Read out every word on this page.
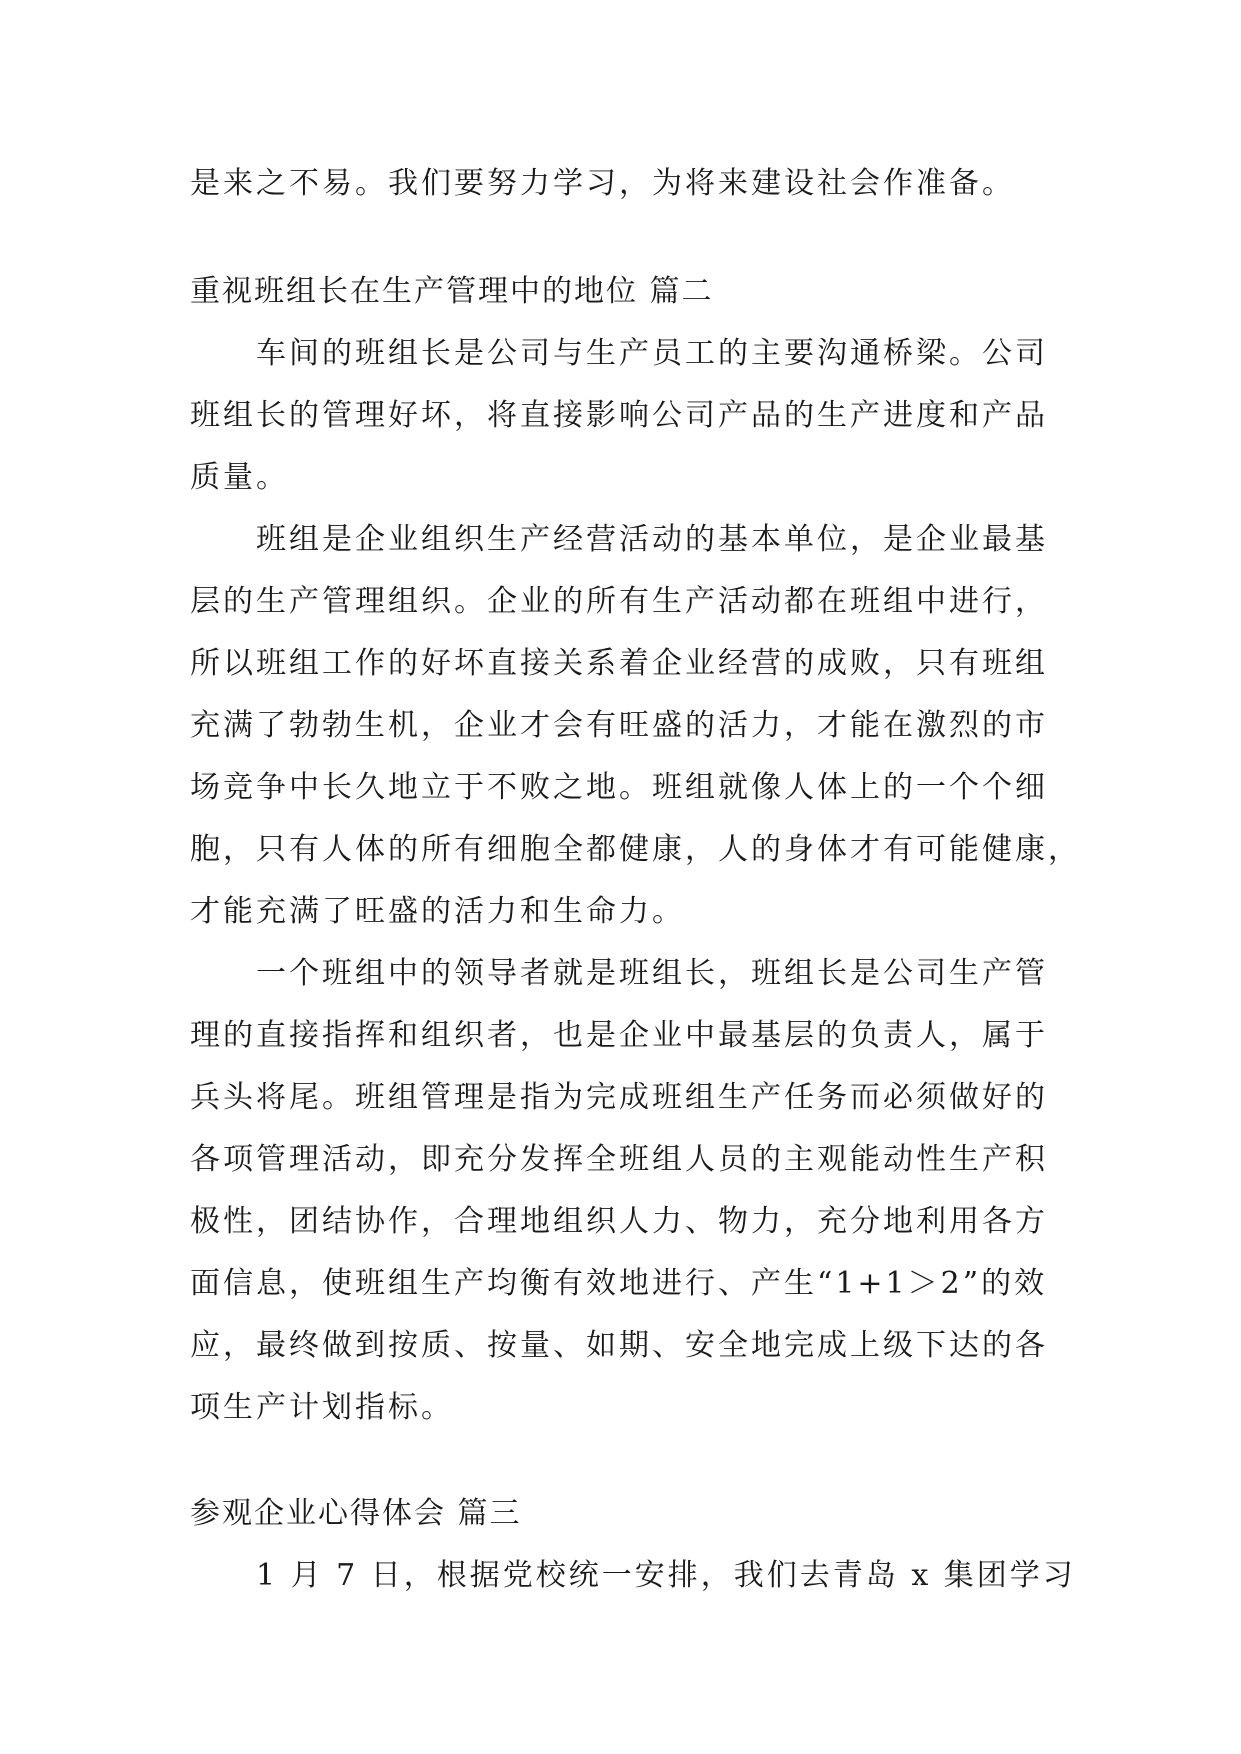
是来之不易。我们要努力学习，为将来建设社会作准备。
重视班组长在生产管理中的地位 篇二
车间的班组长是公司与生产员工的主要沟通桥梁。公司
班组长的管理好坏，将直接影响公司产品的生产进度和产品
质量。
班组是企业组织生产经营活动的基本单位，是企业最基
层的生产管理组织。企业的所有生产活动都在班组中进行，
所以班组工作的好坏直接关系着企业经营的成败，只有班组
充满了勃勃生机，企业才会有旺盛的活力，才能在激烈的市
场竞争中长久地立于不败之地。班组就像人体上的一个个细
胞，只有人体的所有细胞全都健康，人的身体才有可能健康，
才能充满了旺盛的活力和生命力。
一个班组中的领导者就是班组长，班组长是公司生产管
理的直接指挥和组织者，也是企业中最基层的负责人，属于
兵头将尾。班组管理是指为完成班组生产任务而必须做好的
各项管理活动，即充分发挥全班组人员的主观能动性生产积
极性，团结协作，合理地组织人力、物力，充分地利用各方
面信息，使班组生产均衡有效地进行、产生“1+1＞2”的效
应，最终做到按质、按量、如期、安全地完成上级下达的各
项生产计划指标。
参观企业心得体会 篇三
1 月 7 日，根据党校统一安排，我们去青岛 x 集团学习
